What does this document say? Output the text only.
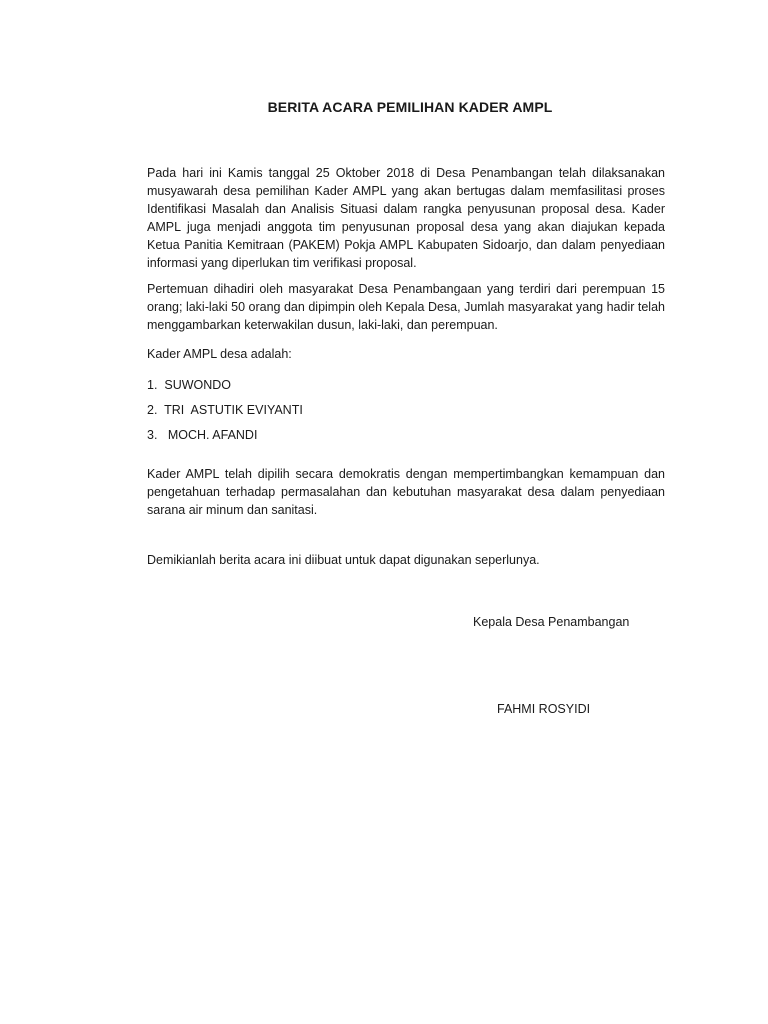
BERITA ACARA PEMILIHAN KADER AMPL

Pada hari ini Kamis tanggal 25 Oktober 2018 di Desa Penambangan telah dilaksanakan musyawarah desa pemilihan Kader AMPL yang akan bertugas dalam memfasilitasi proses Identifikasi Masalah dan Analisis Situasi dalam rangka penyusunan proposal desa. Kader AMPL juga menjadi anggota tim penyusunan proposal desa yang akan diajukan kepada Ketua Panitia Kemitraan (PAKEM) Pokja AMPL Kabupaten Sidoarjo, dan dalam penyediaan informasi yang diperlukan tim verifikasi proposal.

Pertemuan dihadiri oleh masyarakat Desa Penambangaan yang terdiri dari perempuan 15 orang; laki-laki 50 orang dan dipimpin oleh Kepala Desa, Jumlah masyarakat yang hadir telah menggambarkan keterwakilan dusun, laki-laki, dan perempuan.

Kader AMPL desa adalah:
1.  SUWONDO
2.  TRI  ASTUTIK EVIYANTI
3.   MOCH. AFANDI

Kader AMPL telah dipilih secara demokratis dengan mempertimbangkan kemampuan dan pengetahuan terhadap permasalahan dan kebutuhan masyarakat desa dalam penyediaan sarana air minum dan sanitasi.

Demikianlah berita acara ini diibuat untuk dapat digunakan seperlunya.
Kepala Desa Penambangan
FAHMI ROSYIDI
